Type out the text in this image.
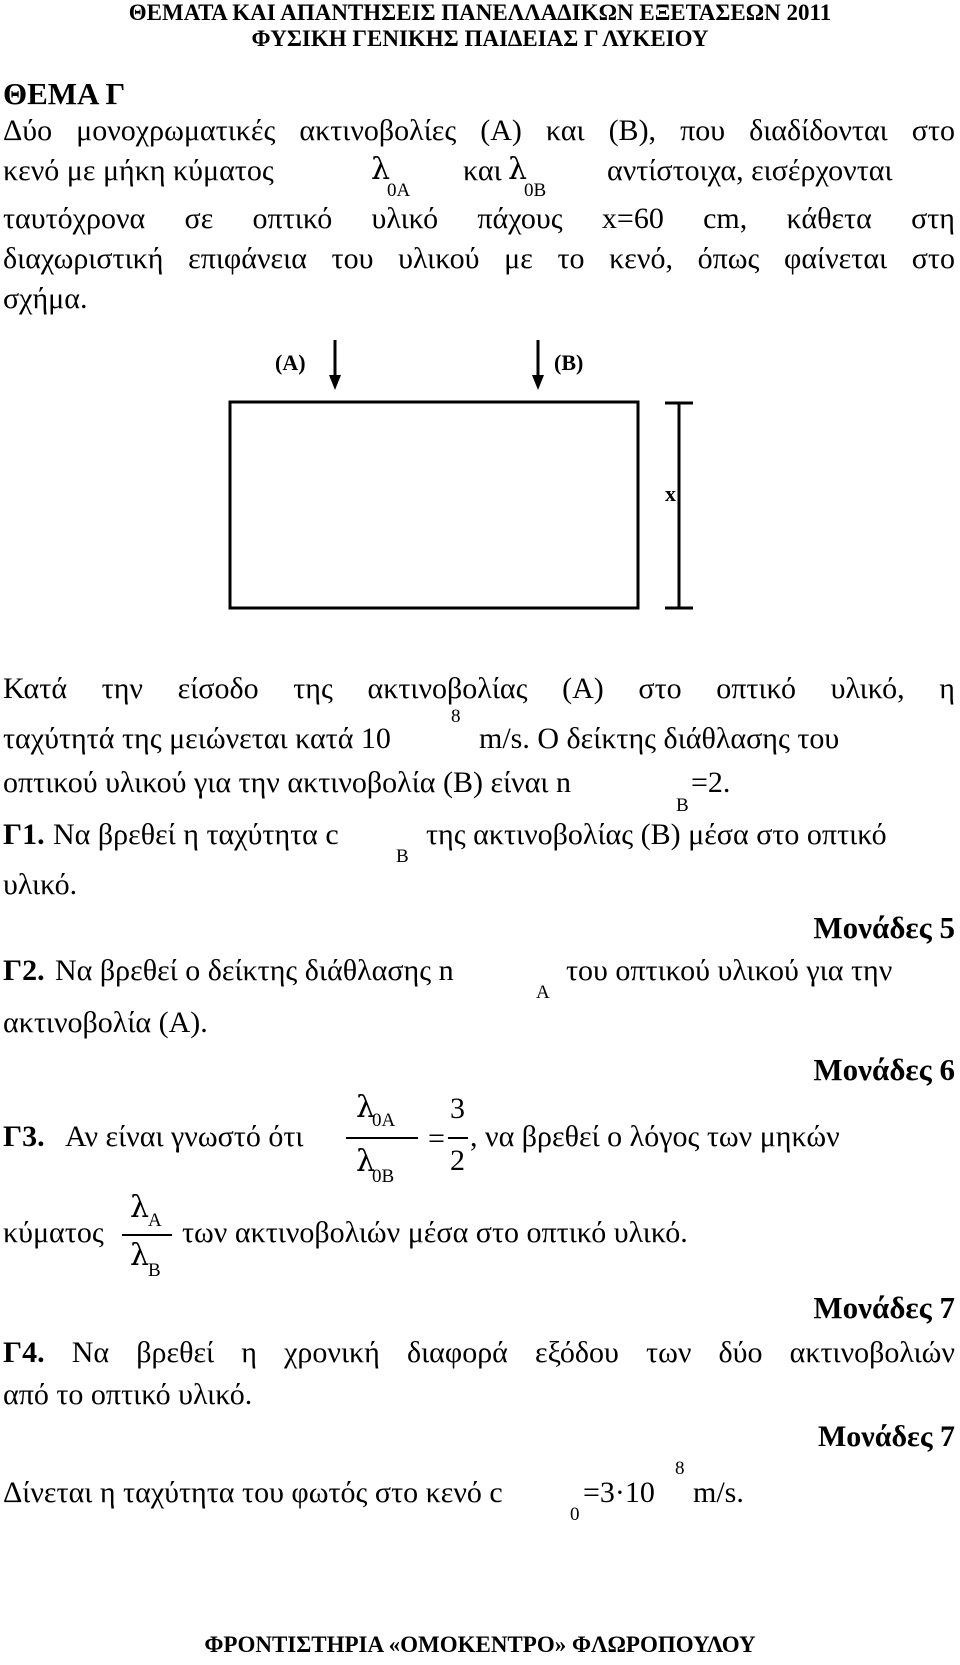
ΘΕΜΑΤΑ ΚΑΙ ΑΠΑΝΤΗΣΕΙΣ ΠΑΝΕΛΛΑΔΙΚΩΝ ΕΞΕΤΑΣΕΩΝ 2011
ΦΥΣΙΚΗ ΓΕΝΙΚΗΣ ΠΑΙΔΕΙΑΣ Γ ΛΥΚΕΙΟΥ
ΘΕΜΑ Γ
Δύο μονοχρωματικές ακτινοβολίες (Α) και (Β), που διαδίδονται στο
κενό με μήκη κύματος	λ
0A
και λ
0B
αντίστοιχα, εισέρχονται
ταυτόχρονα σε οπτικό υλικό πάχους x=60 cm, κάθετα στη
διαχωριστική επιφάνεια του υλικού με το κενό, όπως φαίνεται στο
σχήμα.
(A)	(B)
x
Κατά την είσοδο της ακτινοβολίας (Α) στο οπτικό υλικό, η
ταχύτητά της μειώνεται κατά 10
8
m/s. Ο δείκτης διάθλασης του
οπτικού υλικού για την ακτινοβολία (Β) είναι n
B
=2.
Γ1. Να βρεθεί η ταχύτητα c
B
της ακτινοβολίας (Β) μέσα στο οπτικό
υλικό.
Μονάδες 5
Γ2. Να βρεθεί ο δείκτης διάθλασης n
A
του οπτικού υλικού για την
ακτινοβολία (Α).
Μονάδες 6
Γ3. Αν είναι γνωστό ότι
λ
0A
λ
0B
=
3
2
, να βρεθεί ο λόγος των μηκών
κύματος
λ
A
λ
B
των ακτινοβολιών μέσα στο οπτικό υλικό.
Μονάδες 7
Γ4. Να βρεθεί η χρονική διαφορά εξόδου των δύο ακτινοβολιών
από το οπτικό υλικό.
Μονάδες 7
Δίνεται η ταχύτητα του φωτός στο κενό c
0
=3·10
8
m/s.
ΦΡΟΝΤΙΣΤΗΡΙΑ «ΟΜΟΚΕΝΤΡΟ» ΦΛΩΡΟΠΟΥΛΟΥ
